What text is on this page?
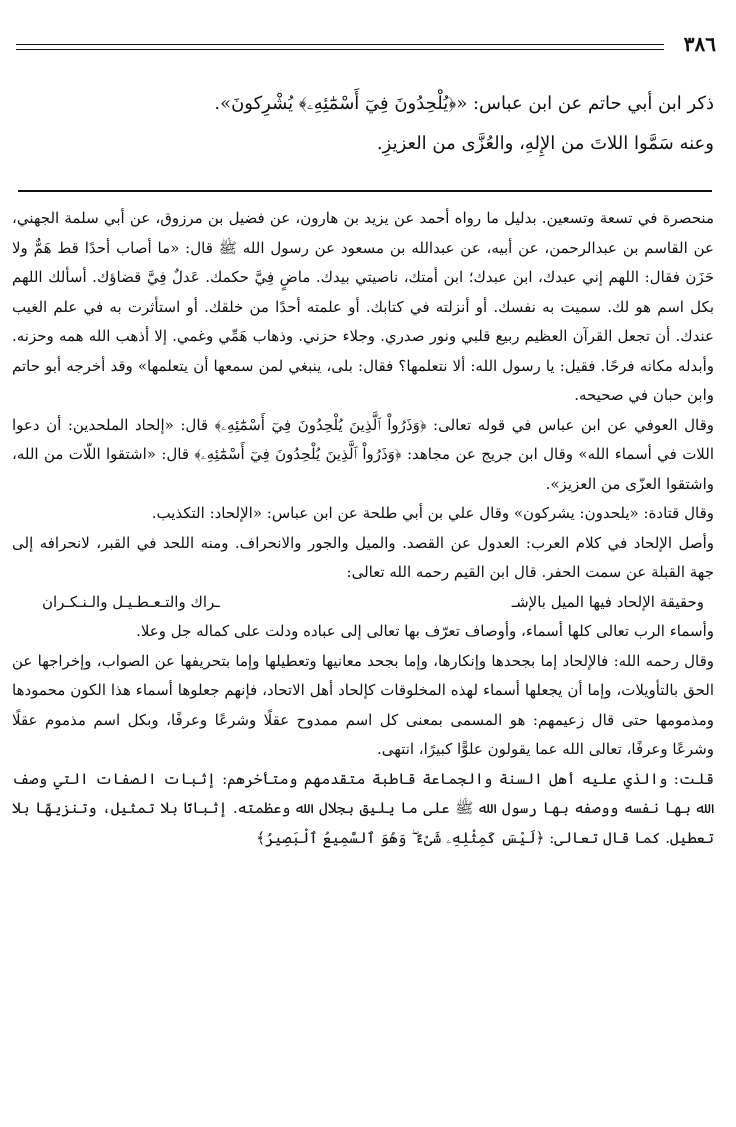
٣٨٦

ذكر ابن أبي حاتم عن ابن عباس: «﴿يُلْحِدُونَ فِيٓ أَسْمَٰٓئِهِۦ﴾ يُشْرِكونَ».

وعنه سَمَّوا اللاتَ من الإِلهِ، والعُزَّى من العزيزِ.

منحصرة في تسعة وتسعين. بدليل ما رواه أحمد عن يزيد بن هارون، عن فضيل بن مرزوق، عن أبي سلمة الجهني، عن القاسم بن عبدالرحمن، عن أبيه، عن عبدالله بن مسعود عن رسول الله ﷺ قال: «ما أصاب أحدًا قط هَمٌّ ولا حَزَن فقال: اللهم إني عبدك، ابن عبدك؛ ابن أمتك، ناصيتي بيدك. ماضٍ فِيَّ حكمك. عَدلٌ فِيَّ قضاؤك. أسألك اللهم بكل اسم هو لك. سميت به نفسك. أو أنزلته في كتابك. أو علمته أحدًا من خلقك. أو استأثرت به في علم الغيب عندك. أن تجعل القرآن العظيم ربيع قلبي ونور صدري. وجلاء حزني. وذهاب هَمِّي وغمي. إلا أذهب الله همه وحزنه. وأبدله مكانه فرحًا. فقيل: يا رسول الله: ألا نتعلمها؟ فقال: بلى، ينبغي لمن سمعها أن يتعلمها» وقد أخرجه أبو حاتم وابن حبان في صحيحه.

وقال العوفي عن ابن عباس في قوله تعالى: ﴿وَذَرُواْ ٱلَّذِينَ يُلْحِدُونَ فِيٓ أَسْمَٰٓئِهِۦ﴾ قال: «إلحاد الملحدين: أن دعوا اللات في أسماء الله» وقال ابن جريج عن مجاهد: ﴿وَذَرُواْ ٱلَّذِينَ يُلْحِدُونَ فِيٓ أَسْمَٰٓئِهِۦ﴾ قال: «اشتقوا اللّات من الله، واشتقوا العزّى من العزيز».

وقال قتادة: «يلحدون: يشركون» وقال علي بن أبي طلحة عن ابن عباس: «الإلحاد: التكذيب.

وأصل الإلحاد في كلام العرب: العدول عن القصد. والميل والجور والانحراف. ومنه اللحد في القبر، لانحرافه إلى جهة القبلة عن سمت الحفر. قال ابن القيم رحمه الله تعالى:

وحقيقة الإلحاد فيها الميل بالإشـ
ـراك والتـعـطـيـل والـنـكـران

وأسماء الرب تعالى كلها أسماء، وأوصاف تعرّف بها تعالى إلى عباده ودلت على كماله جل وعلا.

وقال رحمه الله: فالإلحاد إما بجحدها وإنكارها، وإما بجحد معانيها وتعطيلها وإما بتحريفها عن الصواب، وإخراجها عن الحق بالتأويلات، وإما أن يجعلها أسماء لهذه المخلوقات كإلحاد أهل الاتحاد، فإنهم جعلوها أسماء هذا الكون محمودها ومذمومها حتى قال زعيمهم: هو المسمى بمعنى كل اسم ممدوح عقلًا وشرعًا وعرفًا، وبكل اسم مذموم عقلًا وشرعًا وعرفًا، تعالى الله عما يقولون علوًّا كبيرًا، انتهى.

قلت: والذي عليه أهل السنة والجماعة قاطبة متقدمهم ومتأخرهم: إثبات الصفات التي وصف الله بها نفسه ووصفه بها رسول الله ﷺ على ما يليق بجلال الله وعظمته. إثباتًا بلا تمثيل، وتنزيهًا بلا تعطيل. كما قال تعالى: ﴿لَيْسَ كَمِثْلِهِۦ شَىْءٌ ۖ وَهُوَ ٱلسَّمِيعُ ٱلْبَصِيرُ﴾
